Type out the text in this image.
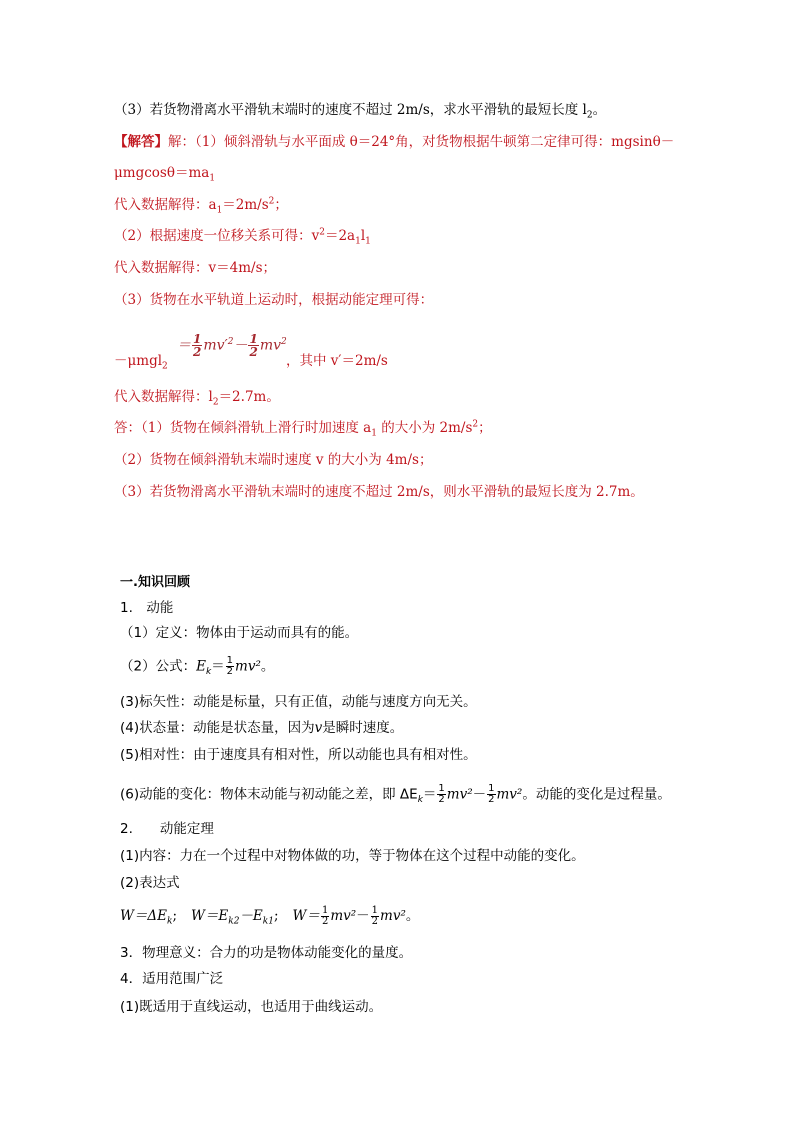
（3）若货物滑离水平滑轨末端时的速度不超过 2m/s，求水平滑轨的最短长度 $l_2$。
【解答】解：（1）倾斜滑轨与水平面成 θ＝24°角，对货物根据牛顿第二定律可得：mgsinθ－
$\mu mgcos\theta=ma_1$
代入数据解得：$a_1=2m/s^2$；
（2）根据速度一位移关系可得：$v^2=2a_1l_1$
代入数据解得：v＝4m/s；
（3）货物在水平轨道上运动时，根据动能定理可得：
－μmgl$_2$
＝ $\frac{1}{2} mv'^2- \frac{1}{2} mv^2$
，其中 v′＝2m/s
代入数据解得：$l_2=2.7m$。
答：（1）货物在倾斜滑轨上滑行时加速度 $a_1$ 的大小为 $2m/s^2$；
（2）货物在倾斜滑轨末端时速度 v 的大小为 4m/s；
（3）若货物滑离水平滑轨末端时的速度不超过 2m/s，则水平滑轨的最短长度为 2.7m。
一.知识回顾
1.　动能
（1）定义：物体由于运动而具有的能。
（2）公式：$E_k= \frac{1}{2} mv^2$。
(3)标矢性：动能是标量，只有正值，动能与速度方向无关。
(4)状态量：动能是状态量，因为v是瞬时速度。
(5)相对性：由于速度具有相对性，所以动能也具有相对性。
(6)动能的变化：物体末动能与初动能之差，即 $\Delta E_k= \frac{1}{2} mv^2- \frac{1}{2} mv^2$。动能的变化是过程量。
2.　　动能定理
(1)内容：力在一个过程中对物体做的功，等于物体在这个过程中动能的变化。
(2)表达式
$W=\Delta E_k$; $W=E_{k2}-E_{k1}$; $W= \frac{1}{2} mv^2- \frac{1}{2} mv^2$。
3．物理意义：合力的功是物体动能变化的量度。
4．适用范围广泛
(1)既适用于直线运动，也适用于曲线运动。
